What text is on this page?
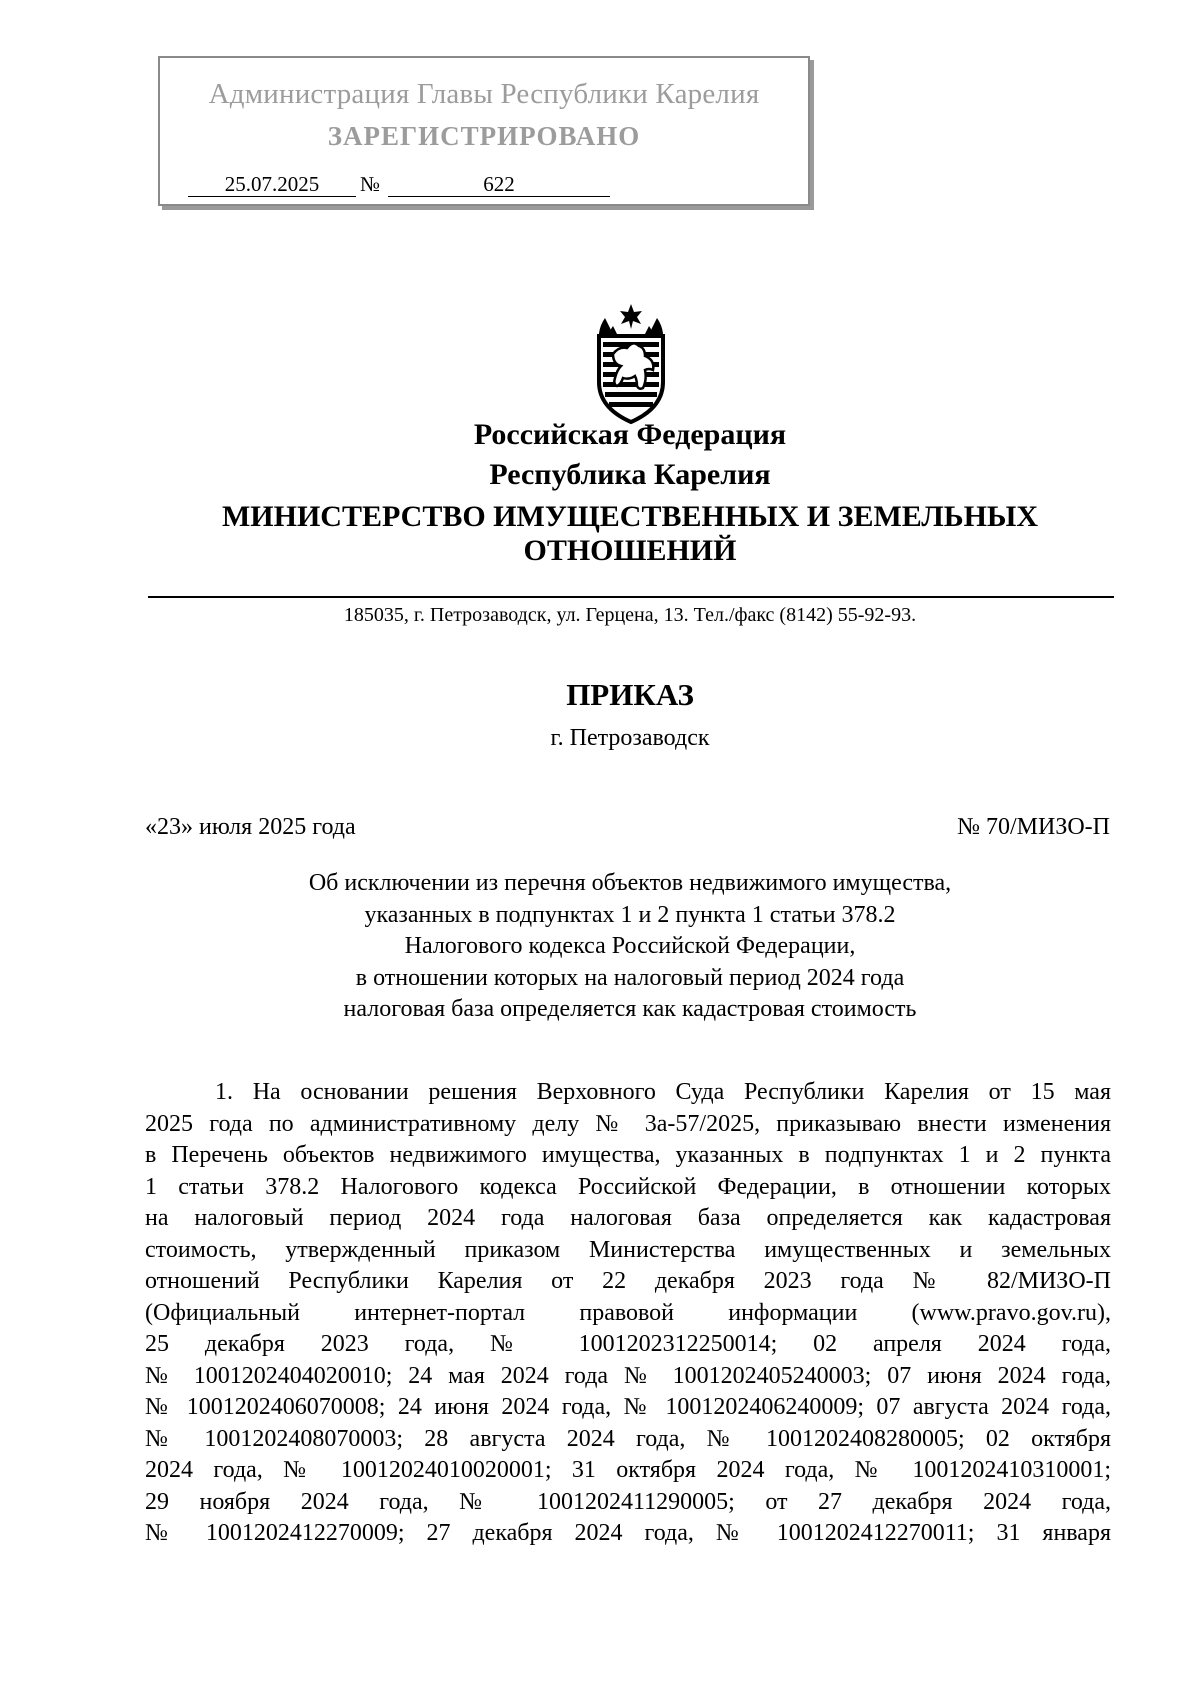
Администрация Главы Республики Карелия
ЗАРЕГИСТРИРОВАНО
25.07.2025	№	622
Российская Федерация
Республика Карелия
МИНИСТЕРСТВО ИМУЩЕСТВЕННЫХ И ЗЕМЕЛЬНЫХ
ОТНОШЕНИЙ
185035, г. Петрозаводск, ул. Герцена, 13. Тел./факс (8142) 55-92-93.
ПРИКАЗ
г. Петрозаводск
«23» июля 2025 года	№ 70/МИЗО-П
Об исключении из перечня объектов недвижимого имущества,
указанных в подпунктах 1 и 2 пункта 1 статьи 378.2
Налогового кодекса Российской Федерации,
в отношении которых на налоговый период 2024 года
налоговая база определяется как кадастровая стоимость
1. На основании решения Верховного Суда Республики Карелия от 15 мая
2025 года по административному делу № 3а-57/2025, приказываю внести изменения
в Перечень объектов недвижимого имущества, указанных в подпунктах 1 и 2 пункта
1 статьи 378.2 Налогового кодекса Российской Федерации, в отношении которых
на налоговый период 2024 года налоговая база определяется как кадастровая
стоимость, утвержденный приказом Министерства имущественных и земельных
отношений Республики Карелия от 22 декабря 2023 года № 82/МИЗО-П
(Официальный интернет-портал правовой информации (www.pravo.gov.ru),
25 декабря 2023 года, № 1001202312250014; 02 апреля 2024 года,
№ 1001202404020010; 24 мая 2024 года № 1001202405240003; 07 июня 2024 года,
№ 1001202406070008; 24 июня 2024 года, № 1001202406240009; 07 августа 2024 года,
№ 1001202408070003; 28 августа 2024 года, № 1001202408280005; 02 октября
2024 года, № 10012024010020001; 31 октября 2024 года, № 1001202410310001;
29 ноября 2024 года, № 1001202411290005; от 27 декабря 2024 года,
№ 1001202412270009; 27 декабря 2024 года, № 1001202412270011; 31 января
